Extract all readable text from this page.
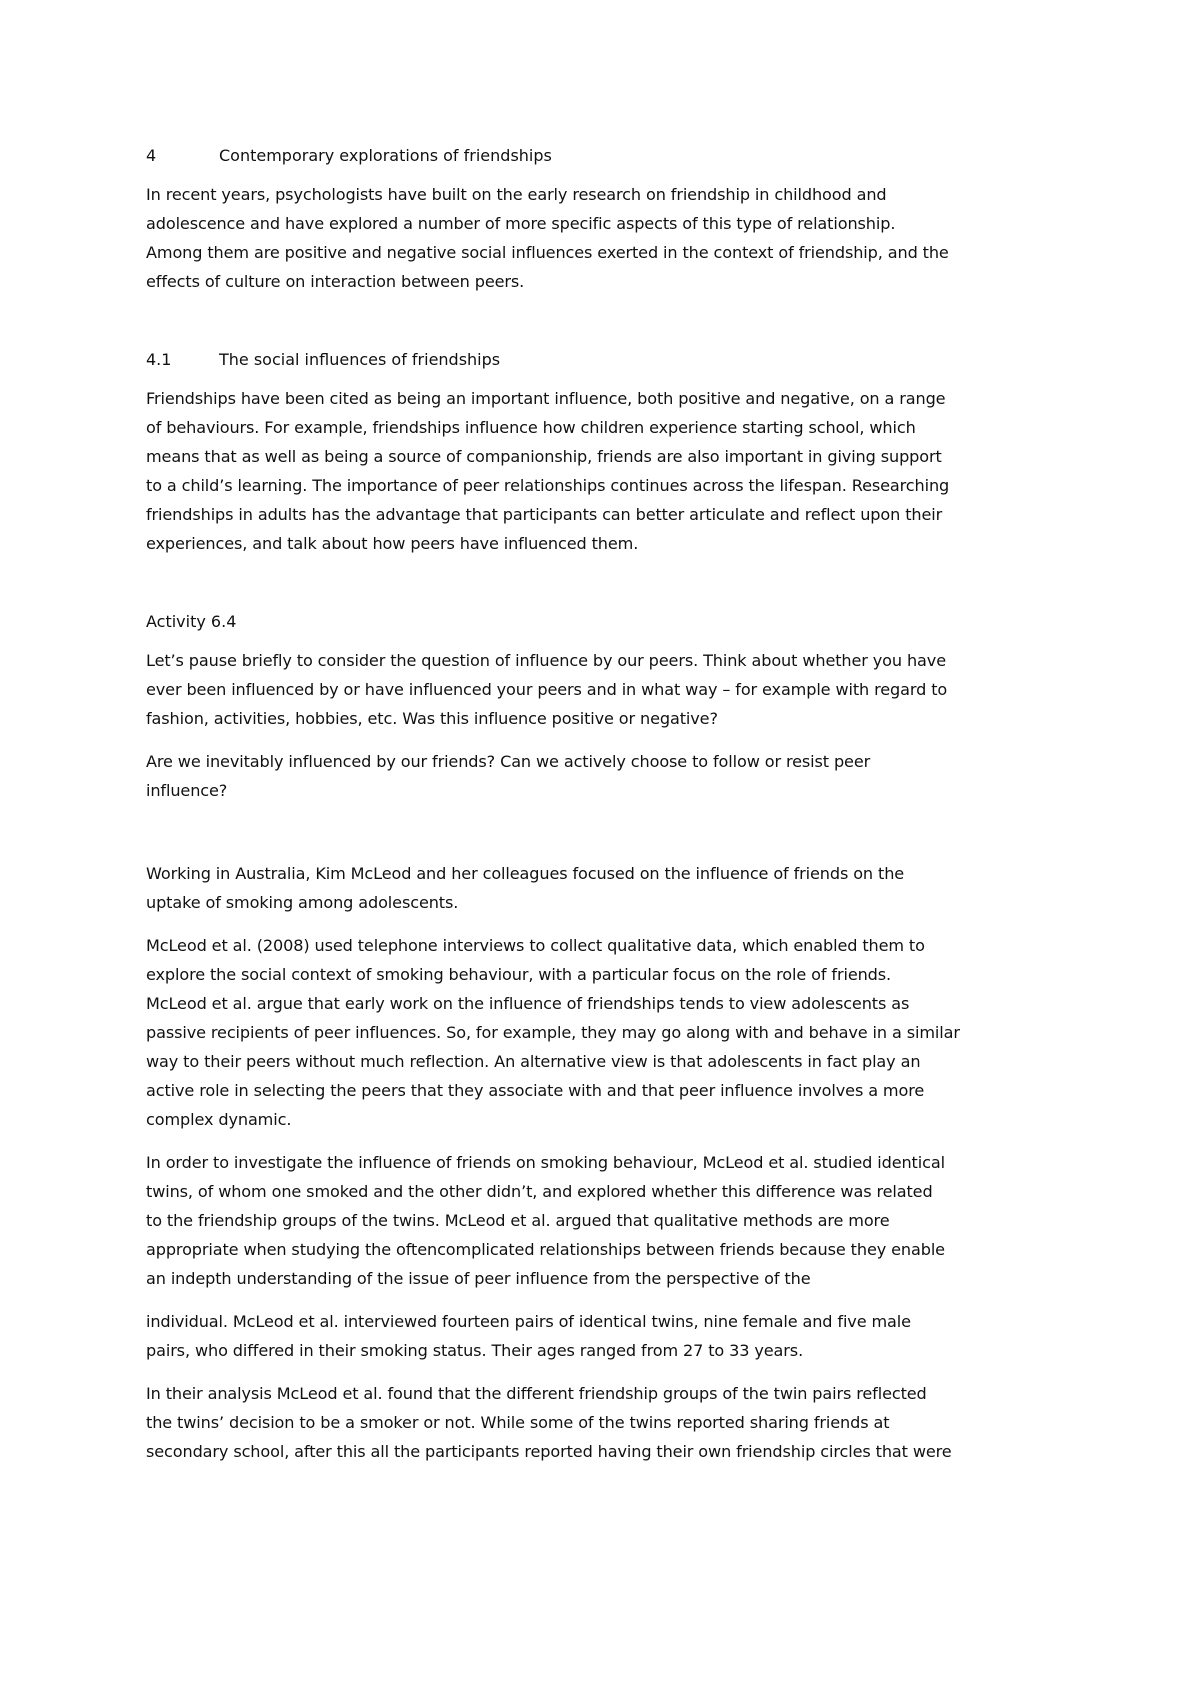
4	Contemporary explorations of friendships

In recent years, psychologists have built on the early research on friendship in childhood and
adolescence and have explored a number of more specific aspects of this type of relationship.
Among them are positive and negative social influences exerted in the context of friendship, and the
effects of culture on interaction between peers.

4.1	The social influences of friendships

Friendships have been cited as being an important influence, both positive and negative, on a range
of behaviours. For example, friendships influence how children experience starting school, which
means that as well as being a source of companionship, friends are also important in giving support
to a child’s learning. The importance of peer relationships continues across the lifespan. Researching
friendships in adults has the advantage that participants can better articulate and reflect upon their
experiences, and talk about how peers have influenced them.

Activity 6.4

Let’s pause briefly to consider the question of influence by our peers. Think about whether you have
ever been influenced by or have influenced your peers and in what way – for example with regard to
fashion, activities, hobbies, etc. Was this influence positive or negative?

Are we inevitably influenced by our friends? Can we actively choose to follow or resist peer
influence?

Working in Australia, Kim McLeod and her colleagues focused on the influence of friends on the
uptake of smoking among adolescents.

McLeod et al. (2008) used telephone interviews to collect qualitative data, which enabled them to
explore the social context of smoking behaviour, with a particular focus on the role of friends.
McLeod et al. argue that early work on the influence of friendships tends to view adolescents as
passive recipients of peer influences. So, for example, they may go along with and behave in a similar
way to their peers without much reflection. An alternative view is that adolescents in fact play an
active role in selecting the peers that they associate with and that peer influence involves a more
complex dynamic.

In order to investigate the influence of friends on smoking behaviour, McLeod et al. studied identical
twins, of whom one smoked and the other didn’t, and explored whether this difference was related
to the friendship groups of the twins. McLeod et al. argued that qualitative methods are more
appropriate when studying the oftencomplicated relationships between friends because they enable
an indepth understanding of the issue of peer influence from the perspective of the

individual. McLeod et al. interviewed fourteen pairs of identical twins, nine female and five male
pairs, who differed in their smoking status. Their ages ranged from 27 to 33 years.

In their analysis McLeod et al. found that the different friendship groups of the twin pairs reflected
the twins’ decision to be a smoker or not. While some of the twins reported sharing friends at
secondary school, after this all the participants reported having their own friendship circles that were
